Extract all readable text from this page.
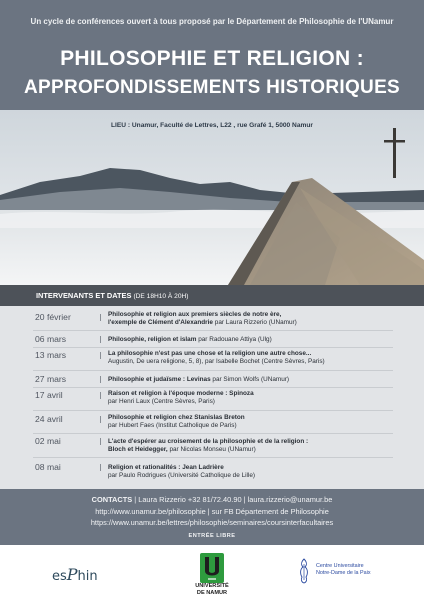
Un cycle de conférences ouvert à tous proposé par le Département de Philosophie de l'UNamur
PHILOSOPHIE ET RELIGION :
APPROFONDISSEMENTS HISTORIQUES
LIEU : Unamur, Faculté de Lettres, L22 , rue Grafé 1, 5000 Namur
INTERVENANTS ET DATES (DE 18H10 À 20H)
20 février	Philosophie et religion aux premiers siècles de notre ère,
l'exemple de Clément d'Alexandrie par Laura Rizzerio (UNamur)
06 mars	Philosophie, religion et islam par Radouane Attiya (Ulg)
13 mars	La philosophie n'est pas une chose et la religion une autre chose...
Augustin, De uera religione, 5, 8), par Isabelle Bochet (Centre Sèvres, Paris)
27 mars	Philosophie et judaïsme : Levinas par Simon Wolfs (UNamur)
17 avril	Raison et religion à l'époque moderne : Spinoza
par Henri Laux (Centre Sèvres, Paris)
24 avril	Philosophie et religion chez Stanislas Breton
par Hubert Faes (Institut Catholique de Paris)
02 mai	L'acte d'espérer au croisement de la philosophie et de la religion :
Bloch et Heidegger, par Nicolas Monseu (UNamur)
08 mai	Religion et rationalités : Jean Ladrière
par Paulo Rodrigues (Université Catholique de Lille)
CONTACTS | Laura Rizzerio +32 81/72.40.90 | laura.rizzerio@unamur.be
http://www.unamur.be/philosophie | sur FB Département de Philosophie
https://www.unamur.be/lettres/philosophie/seminaires/coursinterfacultaires
ENTRÉE LIBRE
esPhin
UNIVERSITÉ
DE NAMUR
Centre Universitaire
Notre-Dame de la Paix
